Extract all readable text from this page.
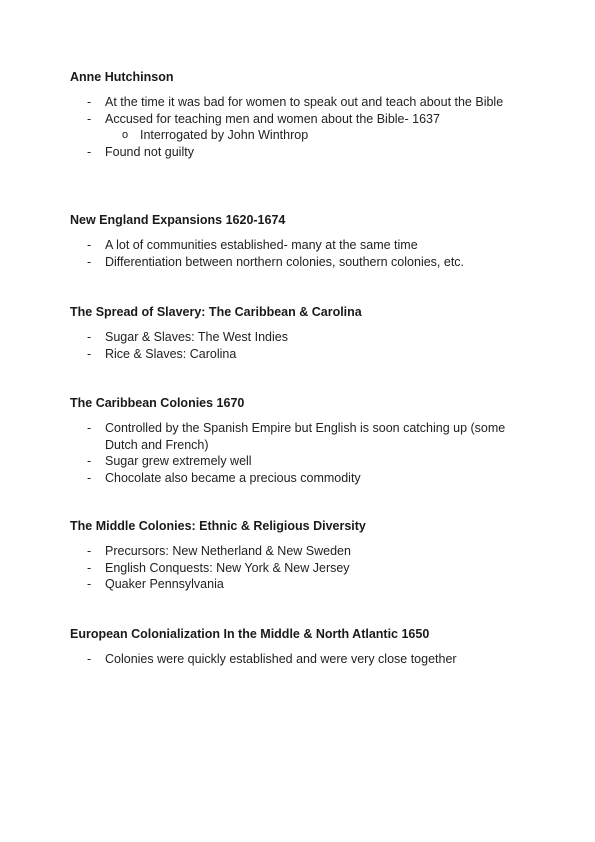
Anne Hutchinson
- At the time it was bad for women to speak out and teach about the Bible
- Accused for teaching men and women about the Bible- 1637
o Interrogated by John Winthrop
- Found not guilty
New England Expansions 1620-1674
- A lot of communities established- many at the same time
- Differentiation between northern colonies, southern colonies, etc.
The Spread of Slavery: The Caribbean & Carolina
- Sugar & Slaves: The West Indies
- Rice & Slaves: Carolina
The Caribbean Colonies 1670
- Controlled by the Spanish Empire but English is soon catching up (some Dutch and French)
- Sugar grew extremely well
- Chocolate also became a precious commodity
The Middle Colonies: Ethnic & Religious Diversity
- Precursors: New Netherland & New Sweden
- English Conquests: New York & New Jersey
- Quaker Pennsylvania
European Colonialization In the Middle & North Atlantic 1650
- Colonies were quickly established and were very close together
